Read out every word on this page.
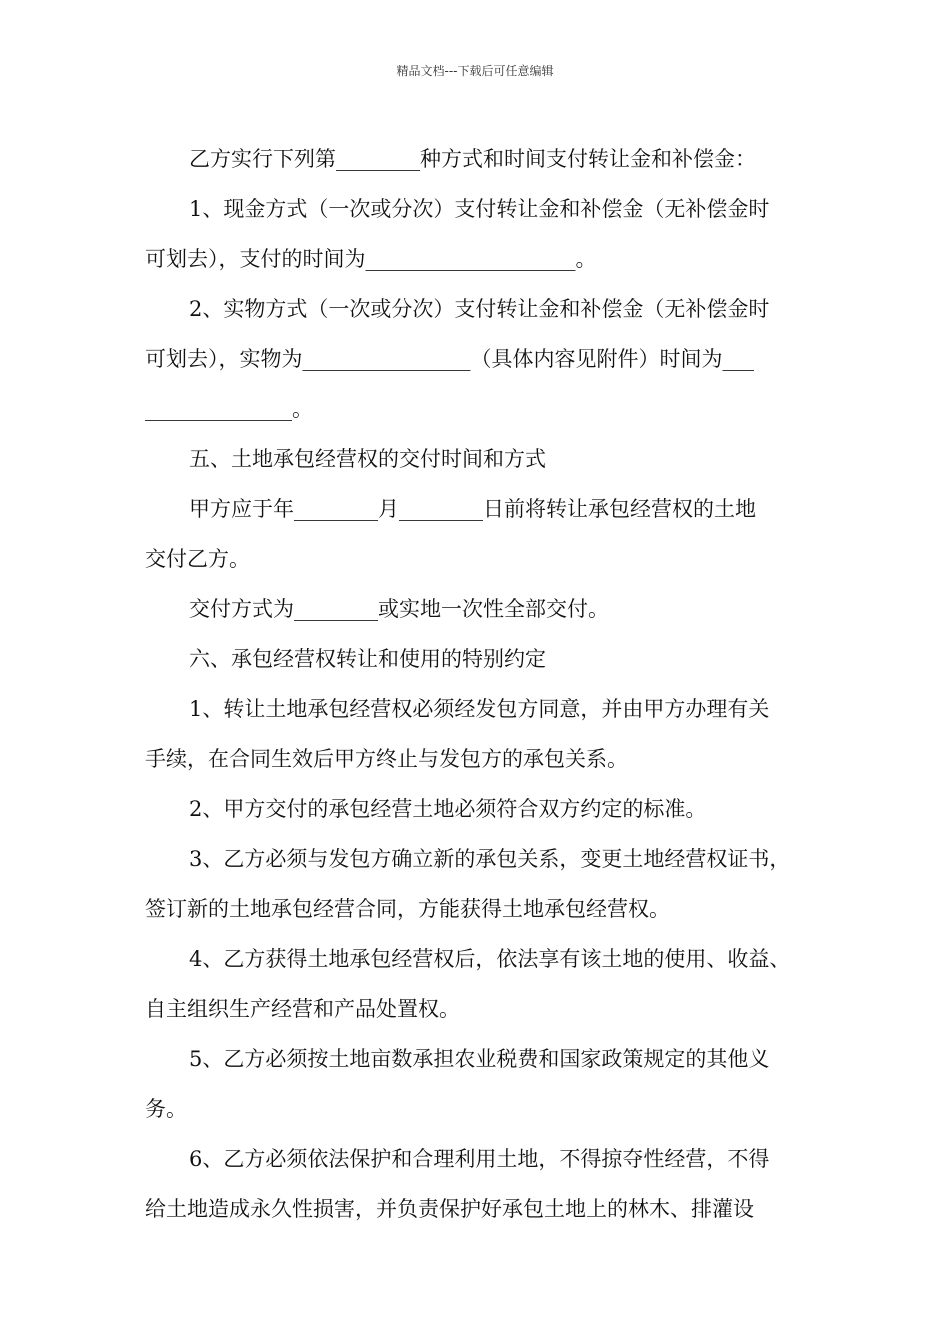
精品文档---下载后可任意编辑

乙方实行下列第________种方式和时间支付转让金和补偿金：

1、现金方式（一次或分次）支付转让金和补偿金（无补偿金时

可划去），支付的时间为____________________。

2、实物方式（一次或分次）支付转让金和补偿金（无补偿金时

可划去），实物为________________（具体内容见附件）时间为___

______________。

五、土地承包经营权的交付时间和方式

甲方应于年________月________日前将转让承包经营权的土地

交付乙方。

交付方式为________或实地一次性全部交付。

六、承包经营权转让和使用的特别约定

1、转让土地承包经营权必须经发包方同意，并由甲方办理有关

手续，在合同生效后甲方终止与发包方的承包关系。

2、甲方交付的承包经营土地必须符合双方约定的标准。

3、乙方必须与发包方确立新的承包关系，变更土地经营权证书，

签订新的土地承包经营合同，方能获得土地承包经营权。

4、乙方获得土地承包经营权后，依法享有该土地的使用、收益、

自主组织生产经营和产品处置权。

5、乙方必须按土地亩数承担农业税费和国家政策规定的其他义

务。

6、乙方必须依法保护和合理利用土地，不得掠夺性经营，不得

给土地造成永久性损害，并负责保护好承包土地上的林木、排灌设
